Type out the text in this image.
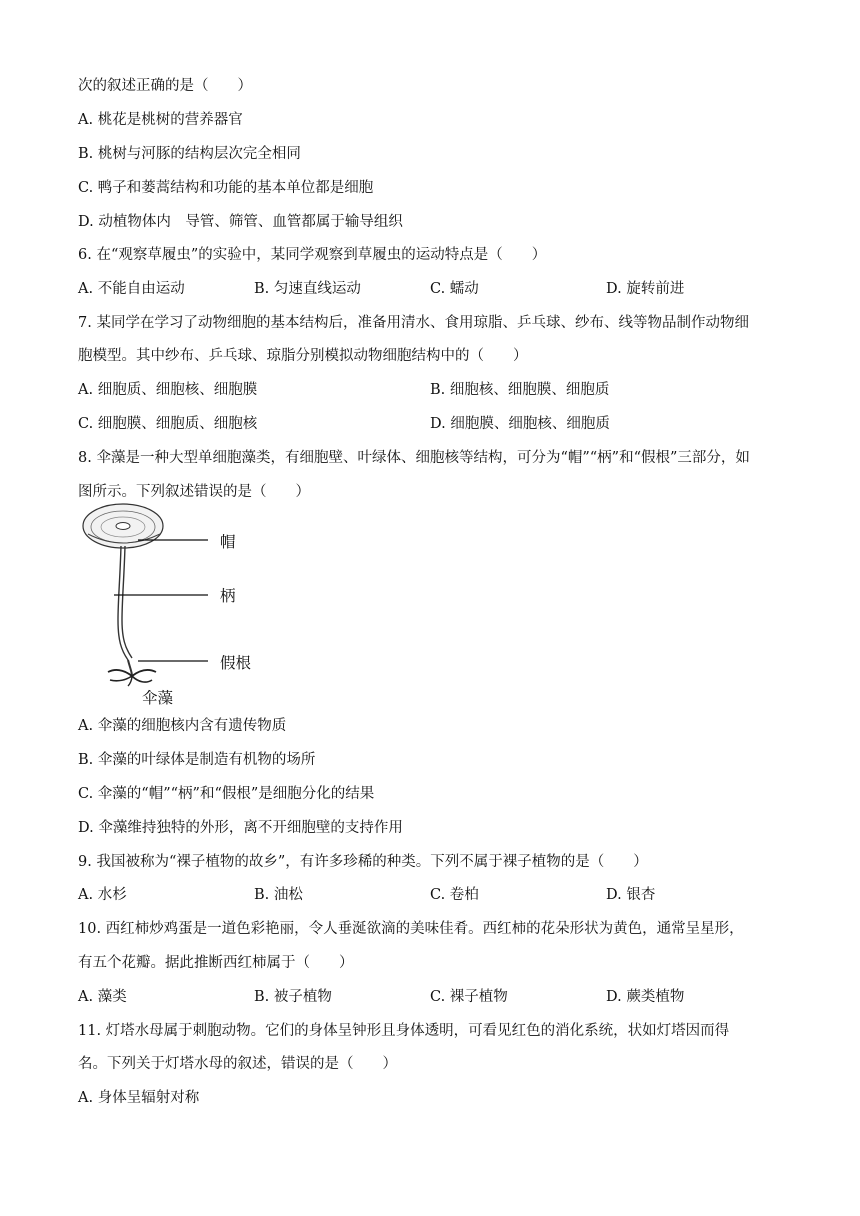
次的叙述正确的是（　　）
A. 桃花是桃树的营养器官
B. 桃树与河豚的结构层次完全相同
C. 鸭子和蒌蒿结构和功能的基本单位都是细胞
D. 动植物体内　导管、筛管、血管都属于输导组织
6. 在“观察草履虫”的实验中，某同学观察到草履虫的运动特点是（　　）
A. 不能自由运动	B. 匀速直线运动	C. 蠕动	D. 旋转前进
7. 某同学在学习了动物细胞的基本结构后，准备用清水、食用琼脂、乒乓球、纱布、线等物品制作动物细
胞模型。其中纱布、乒乓球、琼脂分别模拟动物细胞结构中的（　　）
A. 细胞质、细胞核、细胞膜	B. 细胞核、细胞膜、细胞质
C. 细胞膜、细胞质、细胞核	D. 细胞膜、细胞核、细胞质
8. 伞藻是一种大型单细胞藻类，有细胞壁、叶绿体、细胞核等结构，可分为“帽”“柄”和“假根”三部分，如
图所示。下列叙述错误的是（　　）
帽
柄
假根
伞藻
A. 伞藻的细胞核内含有遗传物质
B. 伞藻的叶绿体是制造有机物的场所
C. 伞藻的“帽”“柄”和“假根”是细胞分化的结果
D. 伞藻维持独特的外形，离不开细胞壁的支持作用
9. 我国被称为“裸子植物的故乡”，有许多珍稀的种类。下列不属于裸子植物的是（　　）
A. 水杉	B. 油松	C. 卷柏	D. 银杏
10. 西红柿炒鸡蛋是一道色彩艳丽，令人垂涎欲滴的美味佳肴。西红柿的花朵形状为黄色，通常呈星形，
有五个花瓣。据此推断西红柿属于（　　）
A. 藻类	B. 被子植物	C. 裸子植物	D. 蕨类植物
11. 灯塔水母属于刺胞动物。它们的身体呈钟形且身体透明，可看见红色的消化系统，状如灯塔因而得
名。下列关于灯塔水母的叙述，错误的是（　　）
A. 身体呈辐射对称
